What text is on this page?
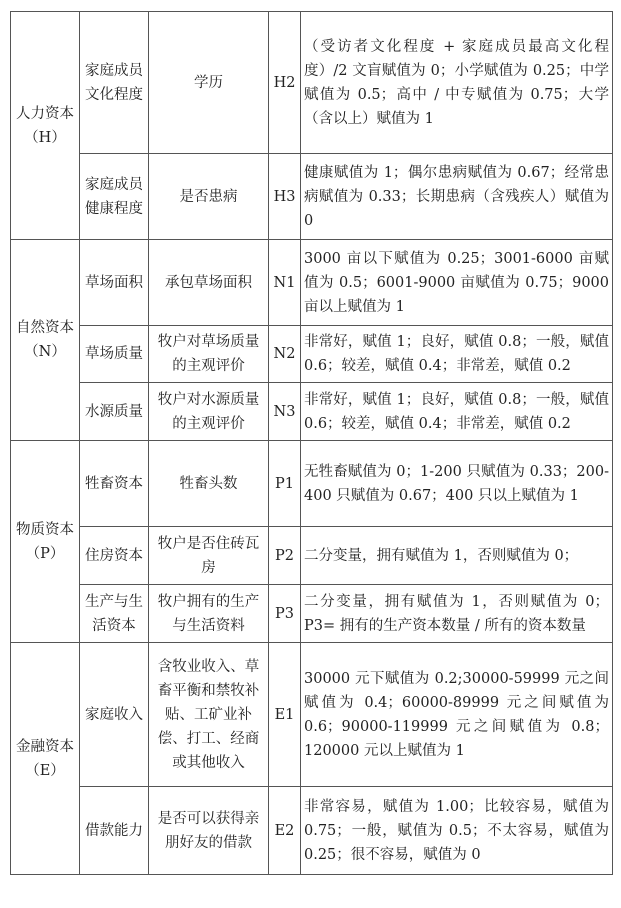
人力资本
（H）	家庭成员文化程度	学历	H2	（受访者文化程度 + 家庭成员最高文化程度）/2 文盲赋值为 0；小学赋值为 0.25；中学赋值为 0.5；高中 / 中专赋值为 0.75；大学（含以上）赋值为 1
	家庭成员健康程度	是否患病	H3	健康赋值为 1；偶尔患病赋值为 0.67；经常患病赋值为 0.33；长期患病（含残疾人）赋值为 0

自然资本
（N）	草场面积	承包草场面积	N1	3000 亩以下赋值为 0.25；3001-6000 亩赋值为 0.5；6001-9000 亩赋值为 0.75；9000 亩以上赋值为 1
	草场质量	牧户对草场质量的主观评价	N2	非常好，赋值 1；良好，赋值 0.8；一般，赋值 0.6；较差，赋值 0.4；非常差，赋值 0.2
	水源质量	牧户对水源质量的主观评价	N3	非常好，赋值 1；良好，赋值 0.8；一般，赋值 0.6；较差，赋值 0.4；非常差，赋值 0.2

物质资本
（P）	牲畜资本	牲畜头数	P1	无牲畜赋值为 0；1-200 只赋值为 0.33；200-400 只赋值为 0.67；400 只以上赋值为 1
	住房资本	牧户是否住砖瓦房	P2	二分变量，拥有赋值为 1，否则赋值为 0；
	生产与生活资本	牧户拥有的生产与生活资料	P3	二分变量，拥有赋值为 1，否则赋值为 0；P3= 拥有的生产资本数量 / 所有的资本数量

金融资本
（E）	家庭收入	含牧业收入、草畜平衡和禁牧补贴、工矿业补偿、打工、经商或其他收入	E1	30000 元下赋值为 0.2;30000-59999 元之间赋值为 0.4；60000-89999 元之间赋值为 0.6；90000-119999 元之间赋值为 0.8；120000 元以上赋值为 1
	借款能力	是否可以获得亲朋好友的借款	E2	非常容易，赋值为 1.00；比较容易，赋值为 0.75；一般，赋值为 0.5；不太容易，赋值为 0.25；很不容易，赋值为 0
